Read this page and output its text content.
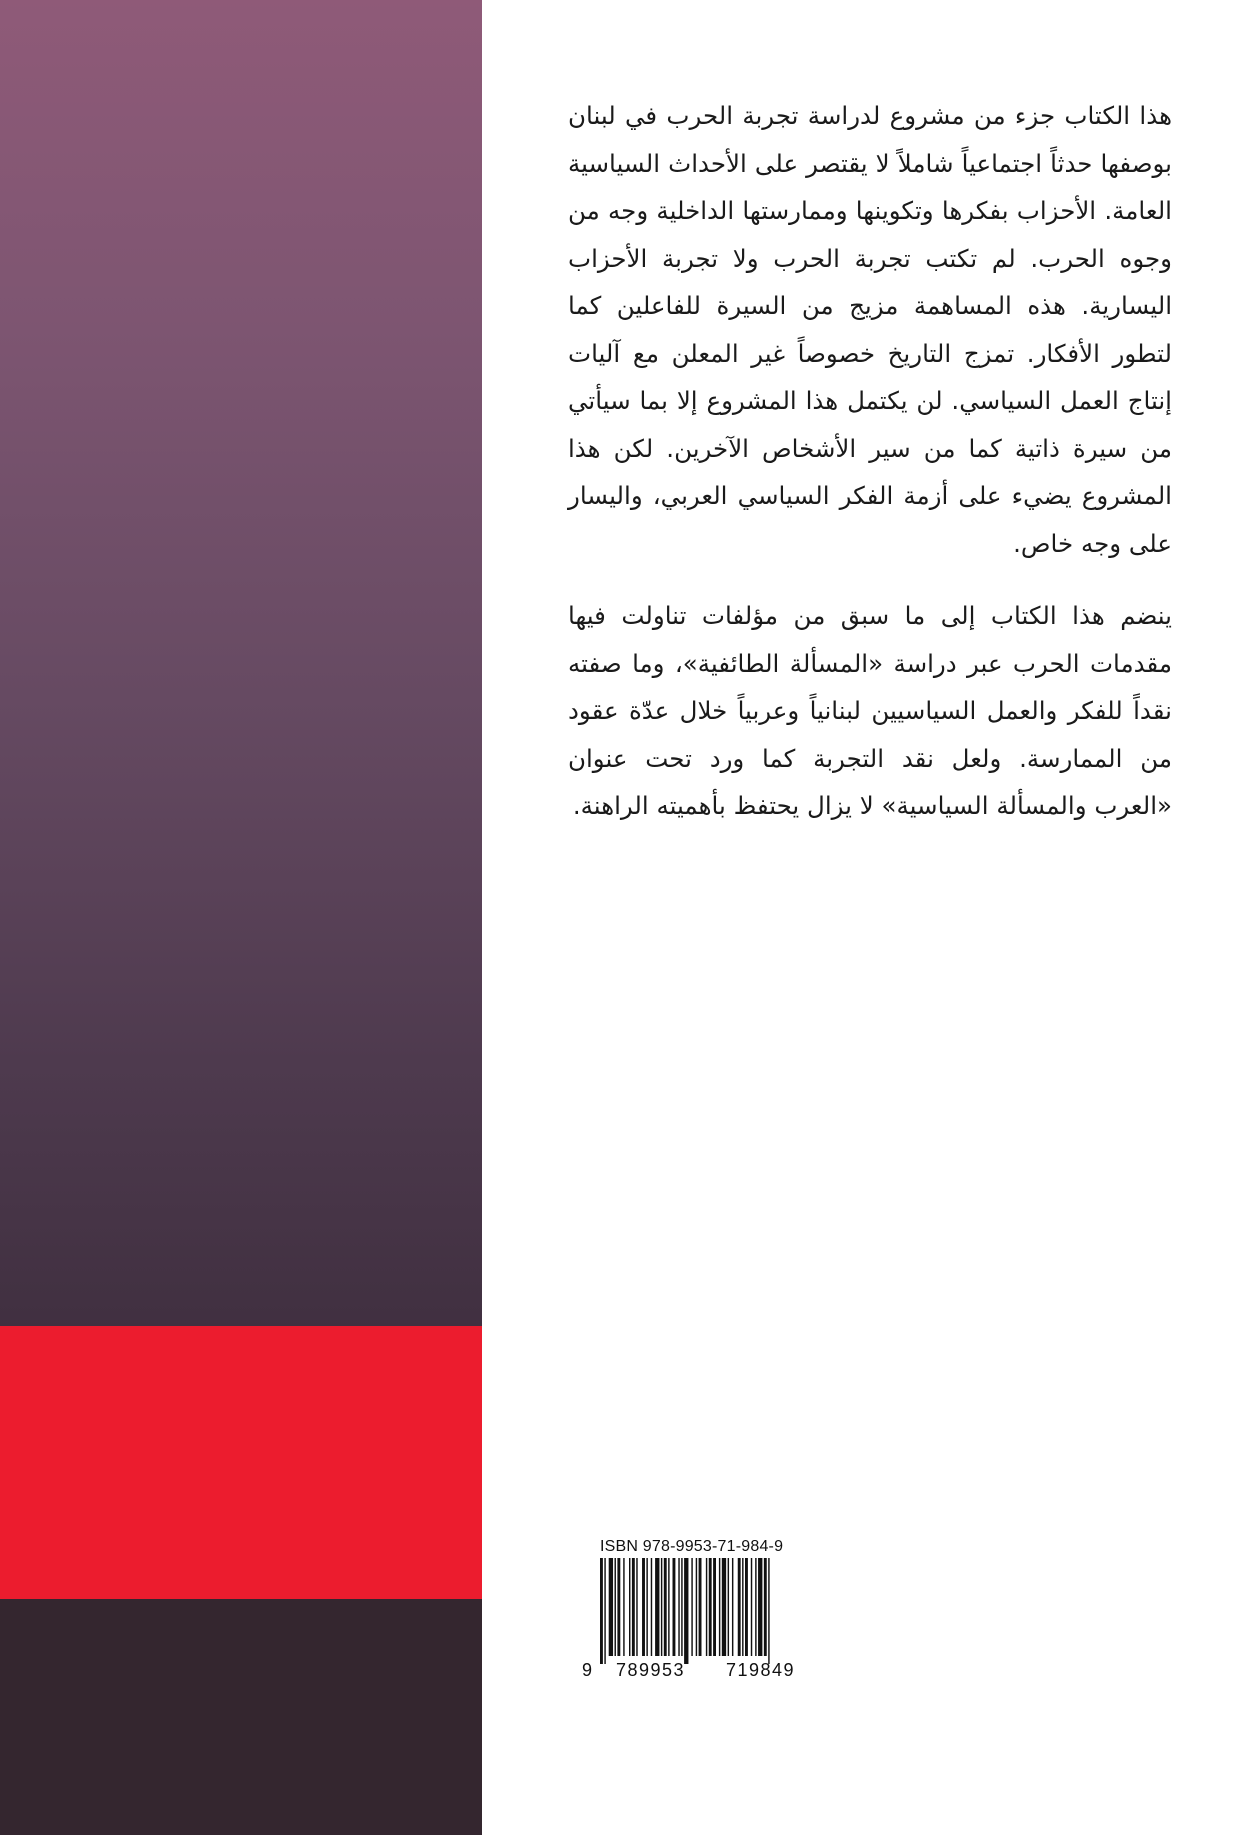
هذا الكتاب جزء من مشروع لدراسة تجربة الحرب في لبنان بوصفها حدثاً اجتماعياً شاملاً لا يقتصر على الأحداث السياسية العامة. الأحزاب بفكرها وتكوينها وممارستها الداخلية وجه من وجوه الحرب. لم تكتب تجربة الحرب ولا تجربة الأحزاب اليسارية. هذه المساهمة مزيج من السيرة للفاعلين كما لتطور الأفكار. تمزج التاريخ خصوصاً غير المعلن مع آليات إنتاج العمل السياسي. لن يكتمل هذا المشروع إلا بما سيأتي من سيرة ذاتية كما من سير الأشخاص الآخرين. لكن هذا المشروع يضيء على أزمة الفكر السياسي العربي، واليسار على وجه خاص.

ينضم هذا الكتاب إلى ما سبق من مؤلفات تناولت فيها مقدمات الحرب عبر دراسة «المسألة الطائفية»، وما صفته نقداً للفكر والعمل السياسيين لبنانياً وعربياً خلال عدّة عقود من الممارسة. ولعل نقد التجربة كما ورد تحت عنوان «العرب والمسألة السياسية» لا يزال يحتفظ بأهميته الراهنة.

ISBN 978-9953-71-984-9
9 789953 719849
